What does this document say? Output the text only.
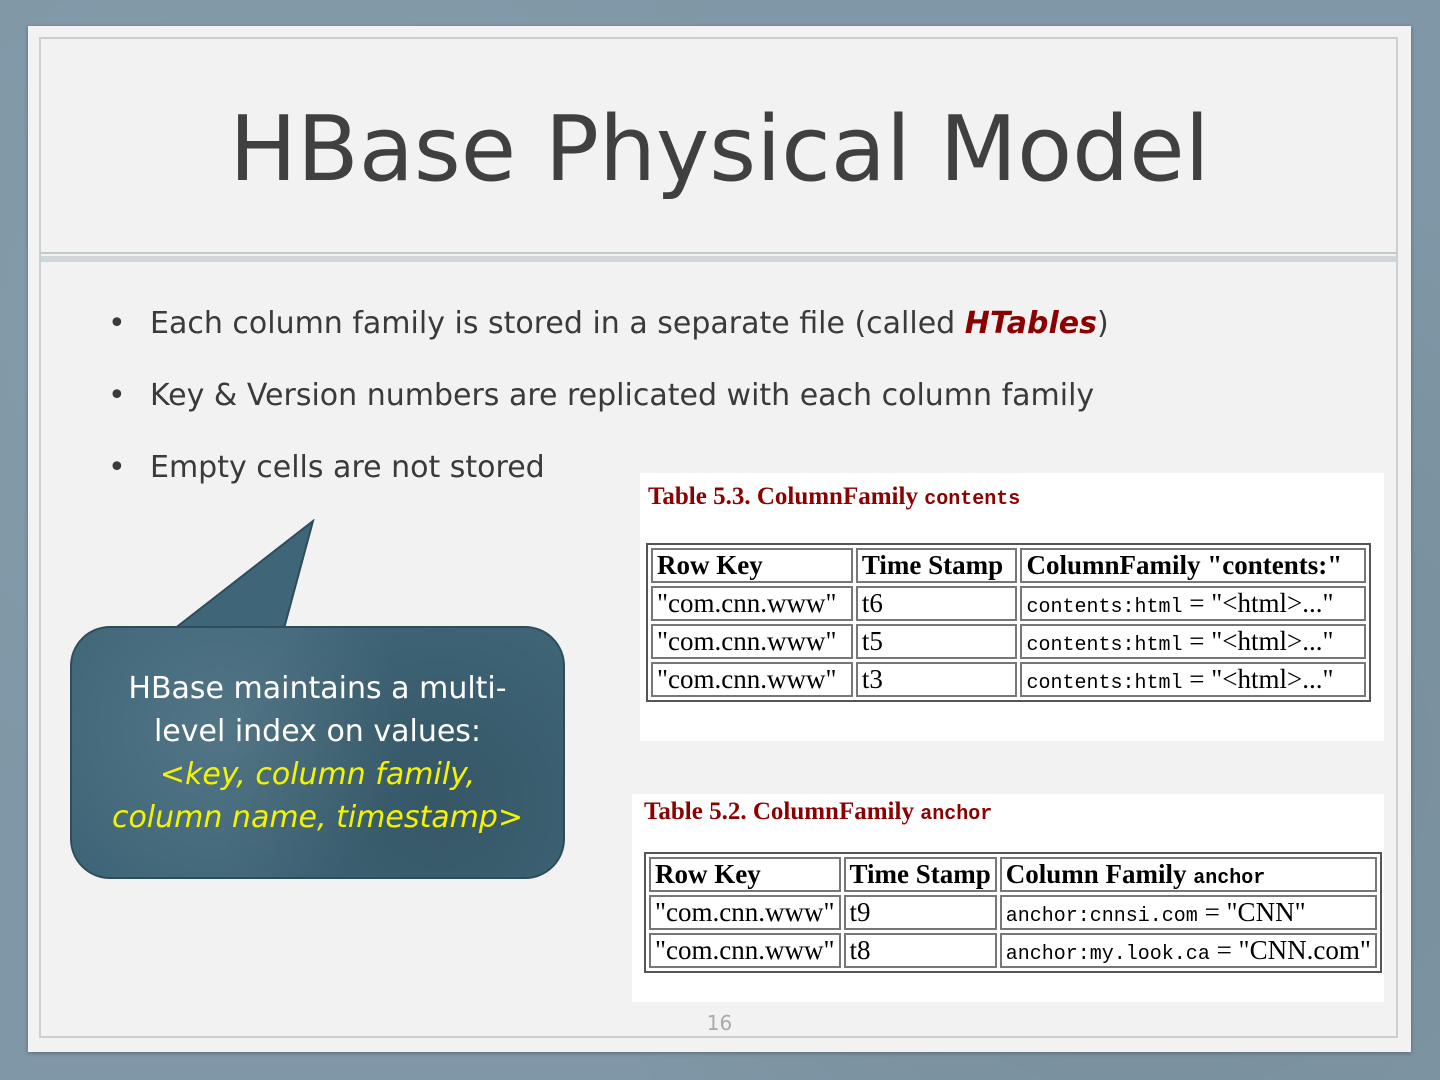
HBase Physical Model
• Each column family is stored in a separate file (called HTables)
• Key & Version numbers are replicated with each column family
• Empty cells are not stored
HBase maintains a multi-
level index on values:
<key, column family,
column name, timestamp>
Table 5.3. ColumnFamily contents
Row Key	Time Stamp	ColumnFamily "contents:"
"com.cnn.www"	t6	contents:html = "<html>..."
"com.cnn.www"	t5	contents:html = "<html>..."
"com.cnn.www"	t3	contents:html = "<html>..."
Table 5.2. ColumnFamily anchor
Row Key	Time Stamp	Column Family anchor
"com.cnn.www"	t9	anchor:cnnsi.com = "CNN"
"com.cnn.www"	t8	anchor:my.look.ca = "CNN.com"
16
